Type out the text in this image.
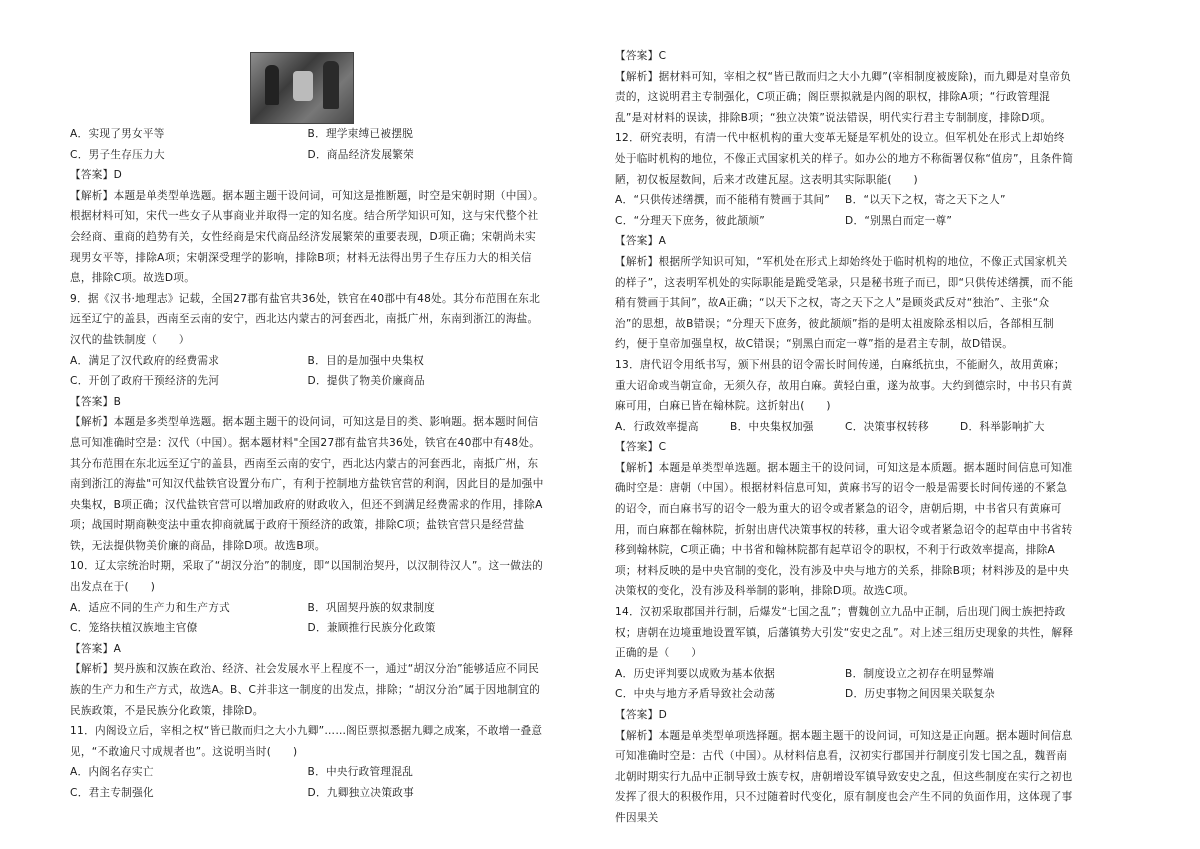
A．实现了男女平等	B．理学束缚已被摆脱
C．男子生存压力大	D．商品经济发展繁荣

【答案】D

【解析】本题是单类型单选题。据本题主题干设问词，可知这是推断题，时空是宋朝时期（中国）。根据材料可知，宋代一些女子从事商业并取得一定的知名度。结合所学知识可知，这与宋代整个社会经商、重商的趋势有关，女性经商是宋代商品经济发展繁荣的重要表现，D项正确；宋朝尚未实现男女平等，排除A项；宋朝深受理学的影响，排除B项；材料无法得出男子生存压力大的相关信息，排除C项。故选D项。

9．据《汉书·地理志》记载，全国27郡有盐官共36处，铁官在40郡中有48处。其分布范围在东北远至辽宁的盖县，西南至云南的安宁，西北达内蒙古的河套西北，南抵广州，东南到浙江的海盐。汉代的盐铁制度（　　）

A．满足了汉代政府的经费需求	B．目的是加强中央集权
C．开创了政府干预经济的先河	D．提供了物美价廉商品

【答案】B

【解析】本题是多类型单选题。据本题主题干的设问词，可知这是目的类、影响题。据本题时间信息可知准确时空是：汉代（中国）。据本题材料"全国27郡有盐官共36处，铁官在40郡中有48处。其分布范围在东北远至辽宁的盖县，西南至云南的安宁，西北达内蒙古的河套西北，南抵广州，东南到浙江的海盐"可知汉代盐铁官设置分布广，有利于控制地方盐铁官营的利润，因此目的是加强中央集权，B项正确；汉代盐铁官营可以增加政府的财政收入，但还不到满足经费需求的作用，排除A项；战国时期商鞅变法中重农抑商就属于政府干预经济的政策，排除C项；盐铁官营只是经营盐铁，无法提供物美价廉的商品，排除D项。故选B项。

10．辽太宗统治时期，采取了“胡汉分治”的制度，即“以国制治契丹，以汉制待汉人”。这一做法的出发点在于(　　)

A．适应不同的生产力和生产方式	B．巩固契丹族的奴隶制度
C．笼络扶植汉族地主官僚	D．兼顾推行民族分化政策

【答案】A

【解析】契丹族和汉族在政治、经济、社会发展水平上程度不一，通过“胡汉分治”能够适应不同民族的生产力和生产方式，故选A。B、C并非这一制度的出发点，排除；“胡汉分治”属于因地制宜的民族政策，不是民族分化政策，排除D。

11．内阁设立后，宰相之权“皆已散而归之大小九卿”……阁臣票拟悉据九卿之成案，不敢增一叠意见，“不敢逾尺寸成规者也”。这说明当时(　　)

A．内阁名存实亡	B．中央行政管理混乱
C．君主专制强化	D．九卿独立决策政事

【答案】C

【解析】据材料可知，宰相之权“皆已散而归之大小九卿”(宰相制度被废除)，而九卿是对皇帝负责的，这说明君主专制强化，C项正确；阁臣票拟就是内阁的职权，排除A项；“行政管理混乱”是对材料的误读，排除B项；“独立决策”说法错误，明代实行君主专制制度，排除D项。

12．研究表明，有清一代中枢机构的重大变革无疑是军机处的设立。但军机处在形式上却始终处于临时机构的地位，不像正式国家机关的样子。如办公的地方不称衙署仅称“值房”，且条件简陋，初仅板屋数间，后来才改建瓦屋。这表明其实际职能(　　)

A．“只供传述缮撰，而不能稍有赞画于其间”	B．“以天下之权，寄之天下之人”
C．“分理天下庶务，彼此颉颃”	D．“别黑白而定一尊”

【答案】A

【解析】根据所学知识可知，“军机处在形式上却始终处于临时机构的地位，不像正式国家机关的样子”，这表明军机处的实际职能是跪受笔录，只是秘书班子而已，即“只供传述缮撰，而不能稍有赞画于其间”，故A正确；“以天下之权，寄之天下之人”是顾炎武反对“独治”、主张“众治”的思想，故B错误；“分理天下庶务，彼此颉颃”指的是明太祖废除丞相以后，各部相互制约，便于皇帝加强皇权，故C错误；“别黑白而定一尊”指的是君主专制，故D错误。

13．唐代诏令用纸书写，颁下州县的诏令需长时间传递，白麻纸抗虫，不能耐久，故用黄麻；重大诏命或当朝宣命，无须久存，故用白麻。黄轻白重，遂为故事。大约到德宗时，中书只有黄麻可用，白麻已皆在翰林院。这折射出(　　)

A．行政效率提高	B．中央集权加强	C．决策事权转移	D．科举影响扩大

【答案】C

【解析】本题是单类型单选题。据本题主干的设问词，可知这是本质题。据本题时间信息可知准确时空是：唐朝（中国）。根据材料信息可知，黄麻书写的诏令一般是需要长时间传递的不紧急的诏令，而白麻书写的诏令一般为重大的诏令或者紧急的诏令，唐朝后期，中书省只有黄麻可用，而白麻都在翰林院，折射出唐代决策事权的转移，重大诏令或者紧急诏令的起草由中书省转移到翰林院，C项正确；中书省和翰林院都有起草诏令的职权，不利于行政效率提高，排除A项；材料反映的是中央官制的变化，没有涉及中央与地方的关系，排除B项；材料涉及的是中央决策权的变化，没有涉及科举制的影响，排除D项。故选C项。

14．汉初采取郡国并行制，后爆发“七国之乱”；曹魏创立九品中正制，后出现门阀士族把持政权；唐朝在边境重地设置军镇，后藩镇势大引发“安史之乱”。对上述三组历史现象的共性，解释正确的是（　　）

A．历史评判要以成败为基本依据	B．制度设立之初存在明显弊端
C．中央与地方矛盾导致社会动荡	D．历史事物之间因果关联复杂

【答案】D

【解析】本题是单类型单项选择题。据本题主题干的设问词，可知这是正向题。据本题时间信息可知准确时空是：古代（中国）。从材料信息看，汉初实行郡国并行制度引发七国之乱，魏晋南北朝时期实行九品中正制导致士族专权，唐朝增设军镇导致安史之乱，但这些制度在实行之初也发挥了很大的积极作用，只不过随着时代变化，原有制度也会产生不同的负面作用，这体现了事件因果关
